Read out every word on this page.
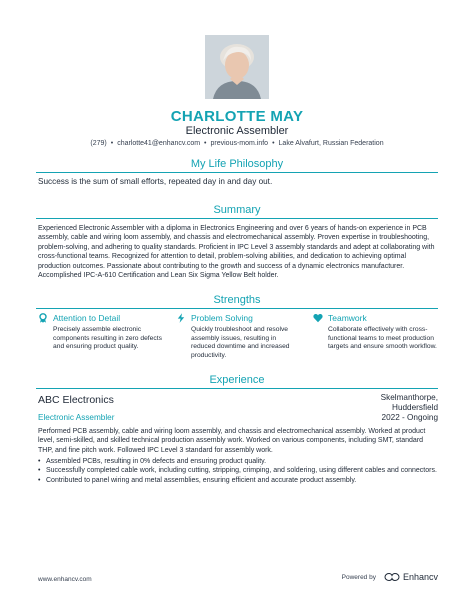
CHARLOTTE MAY
Electronic Assembler
(279) • charlotte41@enhancv.com • previous-mom.info • Lake Alvafurt, Russian Federation
My Life Philosophy
Success is the sum of small efforts, repeated day in and day out.
Summary
Experienced Electronic Assembler with a diploma in Electronics Engineering and over 6 years of hands-on experience in PCB assembly, cable and wiring loom assembly, and chassis and electromechanical assembly. Proven expertise in troubleshooting, problem-solving, and adhering to quality standards. Proficient in IPC Level 3 assembly standards and adept at collaborating with cross-functional teams. Recognized for attention to detail, problem-solving abilities, and dedication to achieving optimal production outcomes. Passionate about contributing to the growth and success of a dynamic electronics manufacturer. Accomplished IPC-A-610 Certification and Lean Six Sigma Yellow Belt holder.
Strengths
Attention to Detail
Precisely assemble electronic components resulting in zero defects and ensuring product quality.
Problem Solving
Quickly troubleshoot and resolve assembly issues, resulting in reduced downtime and increased productivity.
Teamwork
Collaborate effectively with cross-functional teams to meet production targets and ensure smooth workflow.
Experience
ABC Electronics	Skelmanthorpe,
Huddersfield
2022 - Ongoing
Electronic Assembler
Performed PCB assembly, cable and wiring loom assembly, and chassis and electromechanical assembly. Worked at product level, semi-skilled, and skilled technical production assembly work. Worked on various components, including SMT, standard THP, and fine pitch work. Followed IPC Level 3 standard for assembly work.
• Assembled PCBs, resulting in 0% defects and ensuring product quality.
• Successfully completed cable work, including cutting, stripping, crimping, and soldering, using different cables and connectors.
• Contributed to panel wiring and metal assemblies, ensuring efficient and accurate product assembly.
www.enhancv.com	Powered by	Enhancv
